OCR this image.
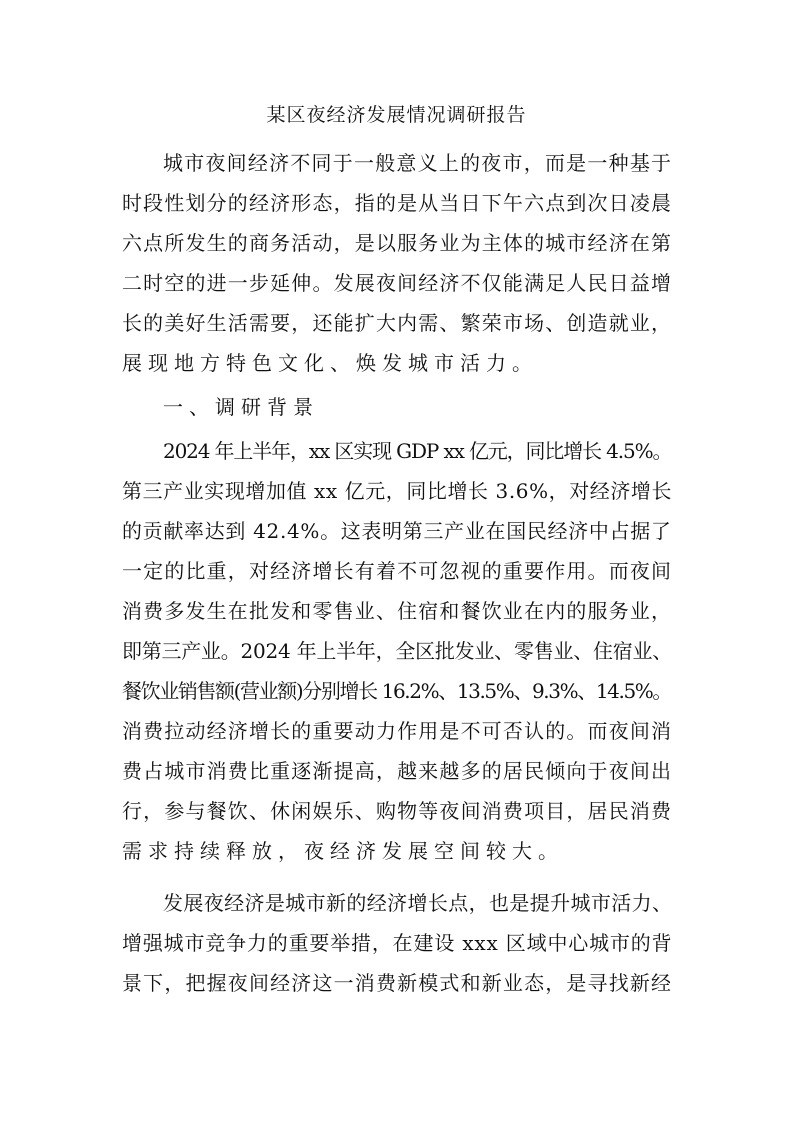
某区夜经济发展情况调研报告

城市夜间经济不同于一般意义上的夜市，而是一种基于

时段性划分的经济形态，指的是从当日下午六点到次日凌晨

六点所发生的商务活动，是以服务业为主体的城市经济在第

二时空的进一步延伸。发展夜间经济不仅能满足人民日益增

长的美好生活需要，还能扩大内需、繁荣市场、创造就业，

展现地方特色文化、焕发城市活力。

一、调研背景

2024 年上半年，xx 区实现 GDP xx 亿元，同比增长 4.5%。

第三产业实现增加值 xx 亿元，同比增长 3.6%，对经济增长

的贡献率达到 42.4%。这表明第三产业在国民经济中占据了

一定的比重，对经济增长有着不可忽视的重要作用。而夜间

消费多发生在批发和零售业、住宿和餐饮业在内的服务业，

即第三产业。2024 年上半年，全区批发业、零售业、住宿业、

餐饮业销售额(营业额)分别增长 16.2%、13.5%、9.3%、14.5%。

消费拉动经济增长的重要动力作用是不可否认的。而夜间消

费占城市消费比重逐渐提高，越来越多的居民倾向于夜间出

行，参与餐饮、休闲娱乐、购物等夜间消费项目，居民消费

需求持续释放，夜经济发展空间较大。

发展夜经济是城市新的经济增长点，也是提升城市活力、

增强城市竞争力的重要举措，在建设 xxx 区域中心城市的背

景下，把握夜间经济这一消费新模式和新业态，是寻找新经
